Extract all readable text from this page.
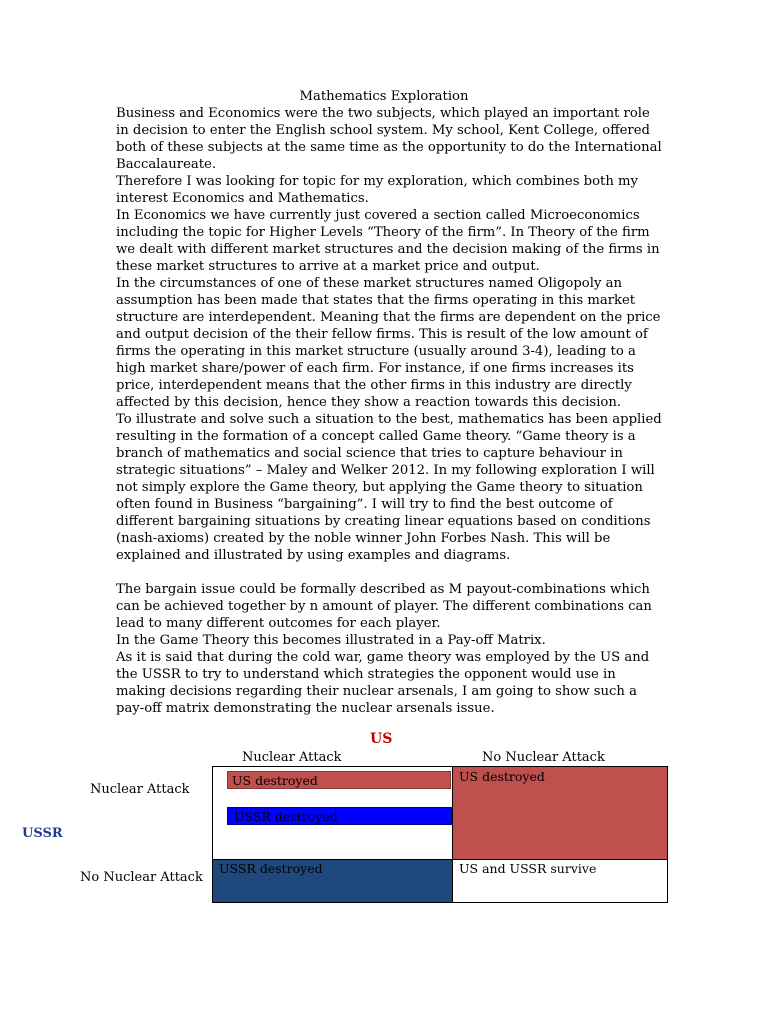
Mathematics Exploration

Business and Economics were the two subjects, which played an important role in decision to enter the English school system. My school, Kent College, offered both of these subjects at the same time as the opportunity to do the International Baccalaureate.

Therefore I was looking for topic for my exploration, which combines both my interest Economics and Mathematics.

In Economics we have currently just covered a section called Microeconomics including the topic for Higher Levels “Theory of the firm”. In Theory of the firm we dealt with different market structures and the decision making of the firms in these market structures to arrive at a market price and output.

In the circumstances of one of these market structures named Oligopoly an assumption has been made that states that the firms operating in this market structure are interdependent. Meaning that the firms are dependent on the price and output decision of the their fellow firms. This is result of the low amount of firms the operating in this market structure (usually around 3-4), leading to a high market share/power of each firm. For instance, if one firms increases its price, interdependent means that the other firms in this industry are directly affected by this decision, hence they show a reaction towards this decision.

To illustrate and solve such a situation to the best, mathematics has been applied resulting in the formation of a concept called Game theory. “Game theory is a branch of mathematics and social science that tries to capture behaviour in strategic situations” – Maley and Welker 2012. In my following exploration I will not simply explore the Game theory, but applying the Game theory to situation often found in Business “bargaining”. I will try to find the best outcome of different bargaining situations by creating linear equations based on conditions (nash-axioms) created by the noble winner John Forbes Nash. This will be explained and illustrated by using examples and diagrams.

The bargain issue could be formally described as M payout-combinations which can be achieved together by n amount of player. The different combinations can lead to many different outcomes for each player.

In the Game Theory this becomes illustrated in a Pay-off Matrix.

As it is said that during the cold war, game theory was employed by the US and the USSR to try to understand which strategies the opponent would use in making decisions regarding their nuclear arsenals, I am going to show such a pay-off matrix demonstrating the nuclear arsenals issue.

US
USSR
Nuclear Attack	No Nuclear Attack
Nuclear Attack
No Nuclear Attack
US destroyed
USSR destroyed	US and USSR survive
US destroyed
USSR destroyed
